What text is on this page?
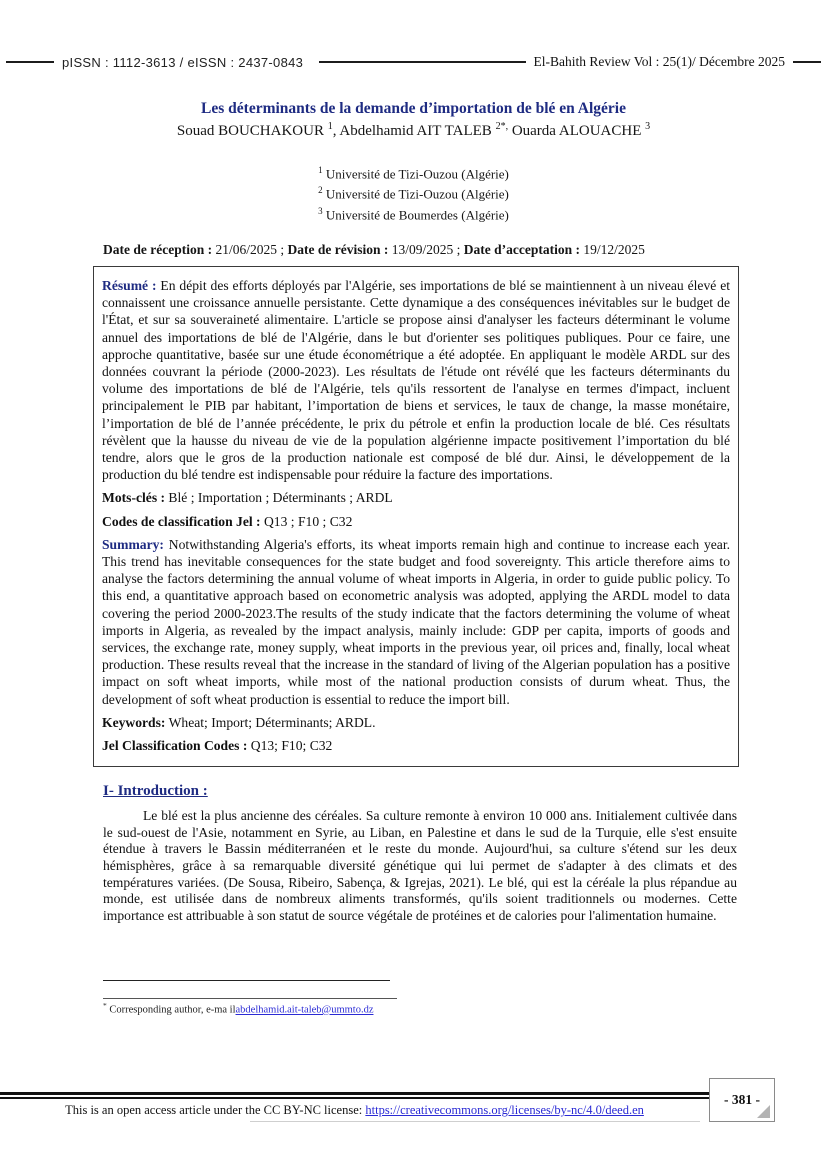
pISSN : 1112-3613 / eISSN : 2437-0843	El-Bahith Review Vol : 25(1)/ Décembre 2025
Les déterminants de la demande d’importation de blé en Algérie
Souad BOUCHAKOUR $^1$, Abdelhamid AIT TALEB $^{2*,}$ Ouarda ALOUACHE $^3$
$^1$ Université de Tizi-Ouzou (Algérie)
$^2$ Université de Tizi-Ouzou (Algérie)
$^3$ Université de Boumerdes (Algérie)
Date de réception : 21/06/2025 ; Date de révision : 13/09/2025 ; Date d’acceptation : 19/12/2025

Résumé : En dépit des efforts déployés par l'Algérie, ses importations de blé se maintiennent à un niveau élevé et connaissent une croissance annuelle persistante. Cette dynamique a des conséquences inévitables sur le budget de l'État, et sur sa souveraineté alimentaire. L'article se propose ainsi d'analyser les facteurs déterminant le volume annuel des importations de blé de l'Algérie, dans le but d'orienter ses politiques publiques. Pour ce faire, une approche quantitative, basée sur une étude économétrique a été adoptée. En appliquant le modèle ARDL sur des données couvrant la période (2000-2023). Les résultats de l'étude ont révélé que les facteurs déterminants du volume des importations de blé de l'Algérie, tels qu'ils ressortent de l'analyse en termes d'impact, incluent principalement le PIB par habitant, l’importation de biens et services, le taux de change, la masse monétaire, l’importation de blé de l’année précédente, le prix du pétrole et enfin la production locale de blé. Ces résultats révèlent que la hausse du niveau de vie de la population algérienne impacte positivement l’importation du blé tendre, alors que le gros de la production nationale est composé de blé dur. Ainsi, le développement de la production du blé tendre est indispensable pour réduire la facture des importations.

Mots-clés : Blé ; Importation ; Déterminants ; ARDL

Codes de classification Jel : Q13 ; F10 ; C32

Summary: Notwithstanding Algeria's efforts, its wheat imports remain high and continue to increase each year. This trend has inevitable consequences for the state budget and food sovereignty. This article therefore aims to analyse the factors determining the annual volume of wheat imports in Algeria, in order to guide public policy. To this end, a quantitative approach based on econometric analysis was adopted, applying the ARDL model to data covering the period 2000-2023.The results of the study indicate that the factors determining the volume of wheat imports in Algeria, as revealed by the impact analysis, mainly include: GDP per capita, imports of goods and services, the exchange rate, money supply, wheat imports in the previous year, oil prices and, finally, local wheat production. These results reveal that the increase in the standard of living of the Algerian population has a positive impact on soft wheat imports, while most of the national production consists of durum wheat. Thus, the development of soft wheat production is essential to reduce the import bill.

Keywords: Wheat; Import; Déterminants; ARDL.

Jel Classification Codes : Q13; F10; C32

I- Introduction :

Le blé est la plus ancienne des céréales. Sa culture remonte à environ 10 000 ans. Initialement cultivée dans le sud-ouest de l'Asie, notamment en Syrie, au Liban, en Palestine et dans le sud de la Turquie, elle s'est ensuite étendue à travers le Bassin méditerranéen et le reste du monde. Aujourd'hui, sa culture s'étend sur les deux hémisphères, grâce à sa remarquable diversité génétique qui lui permet de s'adapter à des climats et des températures variées. (De Sousa, Ribeiro, Sabença, & Igrejas, 2021). Le blé, qui est la céréale la plus répandue au monde, est utilisée dans de nombreux aliments transformés, qu'ils soient traditionnels ou modernes. Cette importance est attribuable à son statut de source végétale de protéines et de calories pour l'alimentation humaine.

* Corresponding author, e-ma ilabdelhamid.ait-taleb@ummto.dz
- 381 -
This is an open access article under the CC BY-NC license: https://creativecommons.org/licenses/by-nc/4.0/deed.en
